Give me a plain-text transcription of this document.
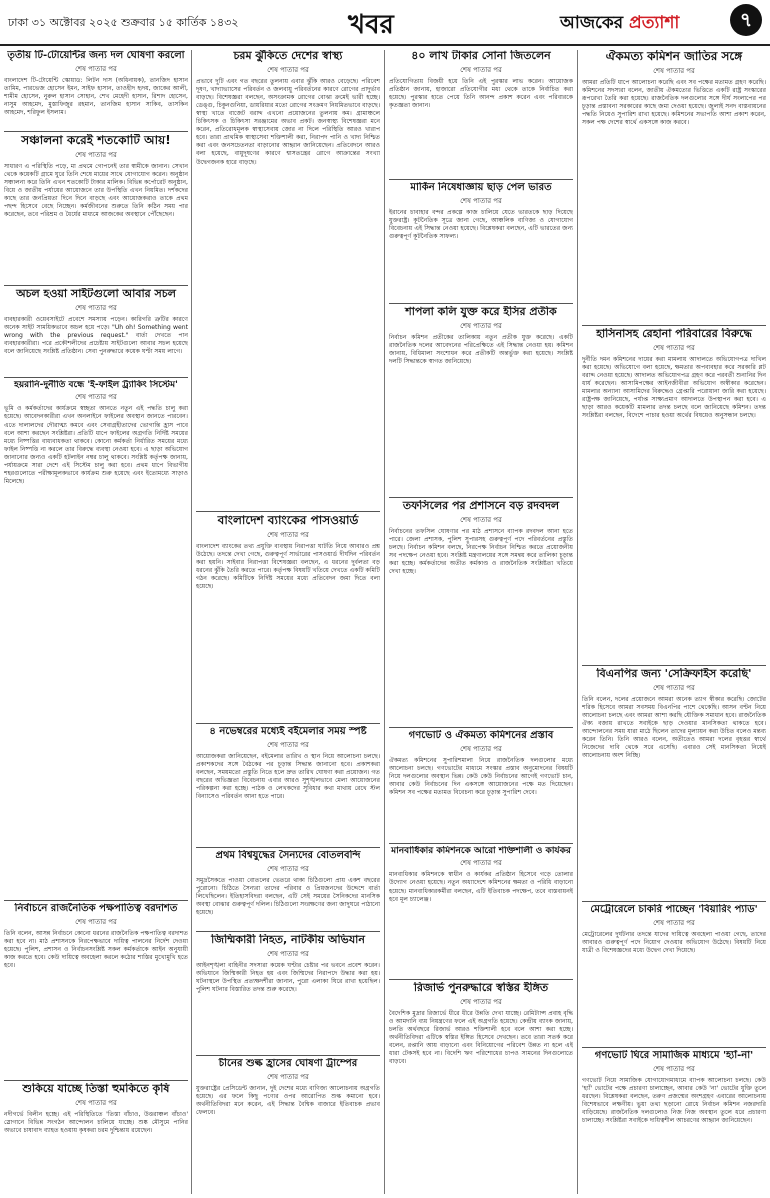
ঢাকা ৩১ অক্টোবর ২০২৫ শুক্রবার ১৫ কার্তিক ১৪৩২	খবর	আজকের প্রত্যাশা	৭
তৃতীয় টি-টোয়েন্টির জন্য দল ঘোষণা করলো
শেষ পাতার পর
বাংলাদেশ টি-টোয়েন্টি স্কোয়াড: লিটন দাস (অধিনায়ক), তানজিদ হাসান তামিম, পারভেজ হোসেন ইমন, সাইফ হাসান, তাওহীদ হৃদয়, জাকের আলী, শামীম হোসেন, নুরুল হাসান সোহান, শেখ মেহেদী হাসান, রিশাদ হোসেন, নাসুম আহমেদ, মুস্তাফিজুর রহমান, তানজিম হাসান সাকিব, তাসকিন আহমেদ, শরিফুল ইসলাম।
সঞ্চালনা করেই শতকোটি আয়!
শেষ পাতার পর
সাধারণ এ পরিস্থিতি পড়ে, মা প্রথমে গোপনেই তার স্বামীকে জানান। সেখান থেকে কয়েকটি গ্রামে ঘুরে তিনি শেষে মায়ের সাথে যোগাযোগ করেন। অনুষ্ঠান সঞ্চালনা করে তিনি এখন শতকোটি টাকার মালিক। বিভিন্ন কর্পোরেট অনুষ্ঠান, বিয়ে ও জাতীয় পর্যায়ের আয়োজনে তার উপস্থিতি এখন নিয়মিত। দর্শকদের কাছে তার জনপ্রিয়তা দিনে দিনে বাড়ছে এবং আয়োজকরাও তাকে প্রথম পছন্দ হিসেবে বেছে নিচ্ছেন। কর্মজীবনের শুরুতে তিনি কঠিন সময় পার করেছেন, তবে পরিশ্রম ও ধৈর্যের মাধ্যমে আজকের অবস্থানে পৌঁছেছেন।
অচল হওয়া সাইটগুলো আবার সচল
শেষ পাতার পর
বাবহারকারী ওয়েবসাইটে প্রবেশে সমস্যায় পড়েন। কারিগরি ত্রুটির কারণে অনেক সাইট সাময়িকভাবে অচল হয়ে পড়ে। "Uh oh! Something went wrong with the previous request." বার্তা দেখতে পান ব্যবহারকারীরা। পরে প্রকৌশলীদের প্রচেষ্টায় সাইটগুলো আবার সচল হয়েছে বলে জানিয়েছে সংশ্লিষ্ট প্রতিষ্ঠান। সেবা পুনরুদ্ধারে কয়েক ঘণ্টা সময় লাগে।
হয়রানি-দুর্নীতি বন্ধে 'ই-ফাইল ট্র্যাকিং সিস্টেম'
শেষ পাতার পর
ভূমি ও কর্মকর্তাদের কার্যক্রমে স্বচ্ছতা আনতে নতুন এই পদ্ধতি চালু করা হয়েছে। আবেদনকারীরা এখন অনলাইনে ফাইলের অবস্থান জানতে পারবেন। এতে দালালদের দৌরাত্ম্য কমবে এবং সেবাগ্রহীতাদের ভোগান্তি হ্রাস পাবে বলে আশা করছেন সংশ্লিষ্টরা। প্রতিটি ধাপে ফাইলের অগ্রগতি নির্দিষ্ট সময়ের মধ্যে নিষ্পত্তির বাধ্যবাধকতা থাকবে। কোনো কর্মকর্তা নির্ধারিত সময়ের মধ্যে ফাইল নিষ্পত্তি না করলে তার বিরুদ্ধে ব্যবস্থা নেওয়া হবে। এ ছাড়া অভিযোগ জানানোর জন্যও একটি হটলাইন নম্বর চালু থাকবে। সংশ্লিষ্ট কর্তৃপক্ষ জানায়, পর্যায়ক্রমে সারা দেশে এই সিস্টেম চালু করা হবে। প্রথম ধাপে বিভাগীয় শহরগুলোতে পরীক্ষামূলকভাবে কার্যক্রম শুরু হয়েছে এবং ইতোমধ্যে সাড়াও মিলেছে।
নির্বাচনে রাজনৈতিক পক্ষপাতিত্ব বরদাশত
শেষ পাতার পর
তিনি বলেন, আসন্ন নির্বাচনে কোনো ধরনের রাজনৈতিক পক্ষপাতিত্ব বরদাশত করা হবে না। মাঠ প্রশাসনকে নিরপেক্ষভাবে দায়িত্ব পালনের নির্দেশ দেওয়া হয়েছে। পুলিশ, প্রশাসন ও নির্বাচনসংশ্লিষ্ট সকল কর্মকর্তাকে আইন অনুযায়ী কাজ করতে হবে। কেউ দায়িত্বে অবহেলা করলে কঠোর শাস্তির মুখোমুখি হতে হবে।
শুকিয়ে যাচ্ছে তিস্তা হুমকিতে কৃষি
শেষ পাতার পর
নদীগর্ভে বিলীন হচ্ছে। এই পরিস্থিতিতে 'তিস্তা বাঁচাও, উত্তরাঞ্চল বাঁচাও' স্লোগানে বিভিন্ন সংগঠন আন্দোলন চালিয়ে যাচ্ছে। শুষ্ক মৌসুমে পানির অভাবে চাষাবাদ ব্যাহত হওয়ায় কৃষকরা চরম দুশ্চিন্তায় রয়েছেন।
চরম ঝুঁকিতে দেশের স্বাস্থ্য
শেষ পাতার পর
প্রভাবে দুটি এবং গত বছরের তুলনায় এবার ঝুঁকি আরও বেড়েছে। পরিবেশ দূষণ, খাদ্যাভ্যাসের পরিবর্তন ও জলবায়ু পরিবর্তনের কারণে রোগের প্রাদুর্ভাব বাড়ছে। বিশেষজ্ঞরা বলছেন, অসংক্রামক রোগের বোঝা ক্রমেই ভারী হচ্ছে। ডেঙ্গু, চিকুনগুনিয়া, ডায়রিয়ার মতো রোগের সংক্রমণ নিয়মিতভাবে বাড়ছে। স্বাস্থ্য খাতে বাজেট বরাদ্দ এখনো প্রয়োজনের তুলনায় কম। গ্রামাঞ্চলে চিকিৎসক ও চিকিৎসা সরঞ্জামের অভাব প্রকট। জনস্বাস্থ্য বিশেষজ্ঞরা মনে করেন, প্রতিরোধমূলক স্বাস্থ্যসেবায় জোর না দিলে পরিস্থিতি আরও খারাপ হবে। তারা প্রাথমিক স্বাস্থ্যসেবা শক্তিশালী করা, নিরাপদ পানি ও খাদ্য নিশ্চিত করা এবং জনসচেতনতা বাড়ানোর আহ্বান জানিয়েছেন। প্রতিবেদনে আরও বলা হয়েছে, বায়ুদূষণের কারণে শ্বাসতন্ত্রের রোগে আক্রান্তের সংখ্যা উদ্বেগজনক হারে বাড়ছে।
বাংলাদেশ ব্যাংকের পাসওয়ার্ড
শেষ পাতার পর
বাংলাদেশ ব্যাংকের তথ্য প্রযুক্তি ব্যবস্থায় নিরাপত্তা ঘাটতি নিয়ে আবারও প্রশ্ন উঠেছে। তদন্তে দেখা গেছে, গুরুত্বপূর্ণ সার্ভারের পাসওয়ার্ড দীর্ঘদিন পরিবর্তন করা হয়নি। সাইবার নিরাপত্তা বিশেষজ্ঞরা বলছেন, এ ধরনের দুর্বলতা বড় ধরনের ঝুঁকি তৈরি করতে পারে। কর্তৃপক্ষ বিষয়টি খতিয়ে দেখতে একটি কমিটি গঠন করেছে। কমিটিকে নির্দিষ্ট সময়ের মধ্যে প্রতিবেদন জমা দিতে বলা হয়েছে।
৪ নভেম্বরের মধ্যেই বইমেলার সময় স্পষ্ট
শেষ পাতার পর
আয়োজকরা জানিয়েছেন, বইমেলার তারিখ ও স্থান নিয়ে আলোচনা চলছে। প্রকাশকদের সঙ্গে বৈঠকের পর চূড়ান্ত সিদ্ধান্ত জানানো হবে। প্রকাশকরা বলছেন, সময়মতো প্রস্তুতি নিতে হলে দ্রুত তারিখ ঘোষণা করা প্রয়োজন। গত বছরের অভিজ্ঞতা বিবেচনায় এবার আরও সুশৃঙ্খলভাবে মেলা আয়োজনের পরিকল্পনা করা হচ্ছে। পাঠক ও লেখকদের সুবিধার কথা মাথায় রেখে স্টল বিন্যাসেও পরিবর্তন আনা হতে পারে।
প্রথম বিশ্বযুদ্ধের সৈন্যদের বোতলবন্দি
শেষ পাতার পর
সমুদ্রসৈকতে পাওয়া বোতলের ভেতরে থাকা চিঠিগুলো প্রায় একশ বছরের পুরোনো। চিঠিতে সৈন্যরা তাদের পরিবার ও প্রিয়জনদের উদ্দেশে বার্তা লিখেছিলেন। ইতিহাসবিদরা বলছেন, এটি সেই সময়ের সৈনিকদের মানসিক অবস্থা বোঝার গুরুত্বপূর্ণ দলিল। চিঠিগুলো সংরক্ষণের জন্য জাদুঘরে পাঠানো হয়েছে।
জিম্মিকারী নিহত, নাটকীয় অভিযান
শেষ পাতার পর
আইনশৃঙ্খলা বাহিনীর সদস্যরা কয়েক ঘণ্টার চেষ্টার পর ভবনে প্রবেশ করেন। অভিযানে জিম্মিকারী নিহত হয় এবং জিম্মিদের নিরাপদে উদ্ধার করা হয়। ঘটনাস্থলে উপস্থিত প্রত্যক্ষদর্শীরা জানান, পুরো এলাকা ঘিরে রাখা হয়েছিল। পুলিশ ঘটনার বিস্তারিত তদন্ত শুরু করেছে।
চীনের শুল্ক হ্রাসের ঘোষণা ট্রাম্পের
শেষ পাতার পর
যুক্তরাষ্ট্রের প্রেসিডেন্ট জানান, দুই দেশের মধ্যে বাণিজ্য আলোচনায় অগ্রগতি হয়েছে। এর ফলে কিছু পণ্যের ওপর আরোপিত শুল্ক কমানো হবে। অর্থনীতিবিদরা মনে করেন, এই সিদ্ধান্ত বৈশ্বিক বাজারে ইতিবাচক প্রভাব ফেলবে।
৪০ লাখ টাকার সোনা জিতলেন
শেষ পাতার পর
প্রতিযোগিতায় বিজয়ী হয়ে তিনি এই পুরস্কার লাভ করেন। আয়োজক প্রতিষ্ঠান জানায়, হাজারো প্রতিযোগীর মধ্য থেকে তাকে নির্বাচিত করা হয়েছে। পুরস্কার হাতে পেয়ে তিনি আনন্দ প্রকাশ করেন এবং পরিবারকে কৃতজ্ঞতা জানান।
মার্কিন নিষেধাজ্ঞায় ছাড় পেল ভারত
শেষ পাতার পর
ইরানের চাবাহার বন্দর প্রকল্পে কাজ চালিয়ে যেতে ভারতকে ছাড় দিয়েছে যুক্তরাষ্ট্র। কূটনৈতিক সূত্রে জানা গেছে, আঞ্চলিক বাণিজ্য ও যোগাযোগ বিবেচনায় এই সিদ্ধান্ত নেওয়া হয়েছে। বিশ্লেষকরা বলছেন, এটি ভারতের জন্য গুরুত্বপূর্ণ কূটনৈতিক সাফল্য।
শাপলা কলি যুক্ত করে ইসির প্রতীক
শেষ পাতার পর
নির্বাচন কমিশন প্রতীকের তালিকায় নতুন প্রতীক যুক্ত করেছে। একটি রাজনৈতিক দলের আবেদনের পরিপ্রেক্ষিতে এই সিদ্ধান্ত নেওয়া হয়। কমিশন জানায়, বিধিমালা সংশোধন করে প্রতীকটি অন্তর্ভুক্ত করা হয়েছে। সংশ্লিষ্ট দলটি সিদ্ধান্তকে স্বাগত জানিয়েছে।
তফসিলের পর প্রশাসনে বড় রদবদল
শেষ পাতার পর
নির্বাচনের তফসিল ঘোষণার পর মাঠ প্রশাসনে ব্যাপক রদবদল আনা হতে পারে। জেলা প্রশাসক, পুলিশ সুপারসহ গুরুত্বপূর্ণ পদে পরিবর্তনের প্রস্তুতি চলছে। নির্বাচন কমিশন বলছে, নিরপেক্ষ নির্বাচন নিশ্চিত করতে প্রয়োজনীয় সব পদক্ষেপ নেওয়া হবে। সংশ্লিষ্ট মন্ত্রণালয়ের সঙ্গে সমন্বয় করে তালিকা চূড়ান্ত করা হচ্ছে। কর্মকর্তাদের অতীত কর্মকাণ্ড ও রাজনৈতিক সংশ্লিষ্টতা খতিয়ে দেখা হচ্ছে।
গণভোট ও ঐকমত্য কমিশনের প্রস্তাব
শেষ পাতার পর
ঐকমত্য কমিশনের সুপারিশমালা নিয়ে রাজনৈতিক দলগুলোর মধ্যে আলোচনা চলছে। গণভোটের মাধ্যমে সংস্কার প্রস্তাব অনুমোদনের বিষয়টি নিয়ে দলগুলোর অবস্থান ভিন্ন। কেউ কেউ নির্বাচনের আগেই গণভোট চান, আবার কেউ নির্বাচনের দিন একসঙ্গে আয়োজনের পক্ষে মত দিয়েছেন। কমিশন সব পক্ষের মতামত বিবেচনা করে চূড়ান্ত সুপারিশ দেবে।
মানবাধিকার কমিশনকে আরো শক্তিশালী ও কার্যকর
শেষ পাতার পর
মানবাধিকার কমিশনকে স্বাধীন ও কার্যকর প্রতিষ্ঠান হিসেবে গড়ে তোলার উদ্যোগ নেওয়া হয়েছে। নতুন অধ্যাদেশে কমিশনের ক্ষমতা ও পরিধি বাড়ানো হয়েছে। মানবাধিকারকর্মীরা বলছেন, এটি ইতিবাচক পদক্ষেপ, তবে বাস্তবায়নই হবে মূল চ্যালেঞ্জ।
রিজার্ভ পুনরুদ্ধারে স্বস্তির ইঙ্গিত
শেষ পাতার পর
বৈদেশিক মুদ্রার রিজার্ভে ধীরে ধীরে উন্নতি দেখা যাচ্ছে। রেমিট্যান্স প্রবাহ বৃদ্ধি ও আমদানি ব্যয় নিয়ন্ত্রণের ফলে এই অগ্রগতি হয়েছে। কেন্দ্রীয় ব্যাংক জানায়, চলতি অর্থবছরে রিজার্ভ আরও শক্তিশালী হবে বলে আশা করা হচ্ছে। অর্থনীতিবিদরা এটিকে স্বস্তির ইঙ্গিত হিসেবে দেখছেন। তবে তারা সতর্ক করে বলেন, রপ্তানি আয় বাড়ানো এবং বিনিয়োগের পরিবেশ উন্নত না হলে এই ধারা টেকসই হবে না। বিদেশি ঋণ পরিশোধের চাপও সামনের দিনগুলোতে বাড়বে।
ঐকমত্য কমিশন জাতির সঙ্গে
শেষ পাতার পর
আমরা প্রতিটি ধাপে আলোচনা করেছি এবং সব পক্ষের মতামত গ্রহণ করেছি। কমিশনের সদস্যরা বলেন, জাতীয় ঐকমত্যের ভিত্তিতে একটি রাষ্ট্র সংস্কারের রূপরেখা তৈরি করা হয়েছে। রাজনৈতিক দলগুলোর সঙ্গে দীর্ঘ সংলাপের পর চূড়ান্ত প্রস্তাবনা সরকারের কাছে জমা দেওয়া হয়েছে। জুলাই সনদ বাস্তবায়নের পদ্ধতি নিয়েও সুপারিশ রাখা হয়েছে। কমিশনের সভাপতি আশা প্রকাশ করেন, সকল পক্ষ দেশের স্বার্থে একসঙ্গে কাজ করবে।
হাসিনাসহ রেহানা পরিবারের বিরুদ্ধে
শেষ পাতার পর
দুর্নীতি দমন কমিশনের দায়ের করা মামলায় আদালতে অভিযোগপত্র দাখিল করা হয়েছে। অভিযোগে বলা হয়েছে, ক্ষমতার অপব্যবহার করে সরকারি প্লট বরাদ্দ নেওয়া হয়েছে। আদালত অভিযোগপত্র গ্রহণ করে পরবর্তী শুনানির দিন ধার্য করেছেন। আসামিপক্ষের আইনজীবীরা অভিযোগ অস্বীকার করেছেন। মামলার অন্যান্য আসামিদের বিরুদ্ধেও গ্রেপ্তারি পরোয়ানা জারি করা হয়েছে। রাষ্ট্রপক্ষ জানিয়েছে, পর্যাপ্ত সাক্ষ্যপ্রমাণ আদালতে উপস্থাপন করা হবে। এ ছাড়া আরও কয়েকটি মামলার তদন্ত চলছে বলে জানিয়েছে কমিশন। তদন্ত সংশ্লিষ্টরা বলছেন, বিদেশে পাচার হওয়া অর্থের বিষয়েও অনুসন্ধান চলছে।
বিএনপির জন্য 'সেক্রিফাইস করেছি'
শেষ পাতার পর
তিনি বলেন, দলের প্রয়োজনে আমরা অনেক ত্যাগ স্বীকার করেছি। জোটের শরিক হিসেবে আমরা সবসময় বিএনপির পাশে থেকেছি। আসন বণ্টন নিয়ে আলোচনা চলছে এবং আমরা আশা করছি যৌক্তিক সমাধান হবে। রাজনৈতিক ঐক্য বজায় রাখতে সবাইকে ছাড় দেওয়ার মানসিকতা থাকতে হবে। আন্দোলনের সময় যারা মাঠে ছিলেন তাদের মূল্যায়ন করা উচিত বলেও মন্তব্য করেন তিনি। তিনি আরও বলেন, অতীতেও আমরা দলের বৃহত্তর স্বার্থে নিজেদের দাবি থেকে সরে এসেছি। এবারও সেই মানসিকতা নিয়েই আলোচনায় অংশ নিচ্ছি।
মেট্রোরেলে চাকরি পাচ্ছেন 'বিয়ারিং প্যাড'
শেষ পাতার পর
মেট্রোরেলের দুর্ঘটনার তদন্তে যাদের দায়িত্বে অবহেলা পাওয়া গেছে, তাদের আবারও গুরুত্বপূর্ণ পদে নিয়োগ দেওয়ার অভিযোগ উঠেছে। বিষয়টি নিয়ে যাত্রী ও বিশেষজ্ঞদের মধ্যে উদ্বেগ দেখা দিয়েছে।
গণভোট ঘিরে সামাজিক মাধ্যমে 'হ্যাঁ-না'
শেষ পাতার পর
গণভোট নিয়ে সামাজিক যোগাযোগমাধ্যমে ব্যাপক আলোচনা চলছে। কেউ 'হ্যাঁ' ভোটের পক্ষে প্রচারণা চালাচ্ছেন, আবার কেউ 'না' ভোটের যুক্তি তুলে ধরছেন। বিশ্লেষকরা বলছেন, তরুণ প্রজন্মের অংশগ্রহণ এবারের আলোচনায় বিশেষভাবে লক্ষণীয়। ভুয়া তথ্য ছড়ানো রোধে নির্বাচন কমিশন নজরদারি বাড়িয়েছে। রাজনৈতিক দলগুলোও নিজ নিজ অবস্থান তুলে ধরে প্রচারণা চালাচ্ছে। সংশ্লিষ্টরা সবাইকে দায়িত্বশীল আচরণের আহ্বান জানিয়েছেন।
